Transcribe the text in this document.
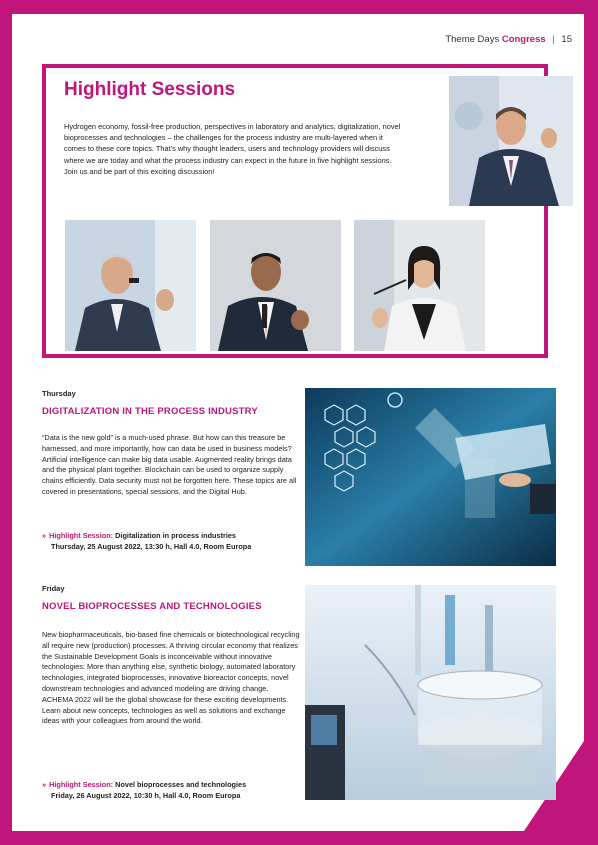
Theme Days Congress | 15
Highlight Sessions
Hydrogen economy, fossil-free production, perspectives in laboratory and analytics, digitalization, novel bioprocesses and technologies – the challenges for the process industry are multi-layered when it comes to these core topics. That's why thought leaders, users and technology providers will discuss where we are today and what the process industry can expect in the future in five highlight sessions. Join us and be part of this exciting discussion!
Thursday
DIGITALIZATION IN THE PROCESS INDUSTRY
“Data is the new gold” is a much-used phrase. But how can this treasure be harnessed, and more importantly, how can data be used in business models? Artificial intelligence can make big data usable. Augmented reality brings data and the physical plant together. Blockchain can be used to organize supply chains efficiently. Data security must not be forgotten here. These topics are all covered in presentations, special sessions, and the Digital Hub.
» Highlight Session: Digitalization in process industries
Thursday, 25 August 2022, 13:30 h, Hall 4.0, Room Europa
Friday
NOVEL BIOPROCESSES AND TECHNOLOGIES
New biopharmaceuticals, bio-based fine chemicals or biotechnological recycling all require new (production) processes. A thriving circular economy that realizes the Sustainable Development Goals is inconceivable without innovative technologies: More than anything else, synthetic biology, automated laboratory technologies, integrated bioprocesses, innovative bioreactor concepts, novel downstream technologies and advanced modeling are driving change. ACHEMA 2022 will be the global showcase for these exciting developments. Learn about new concepts, technologies as well as solutions and exchange ideas with your colleagues from around the world.
» Highlight Session: Novel bioprocesses and technologies
Friday, 26 August 2022, 10:30 h, Hall 4.0, Room Europa
